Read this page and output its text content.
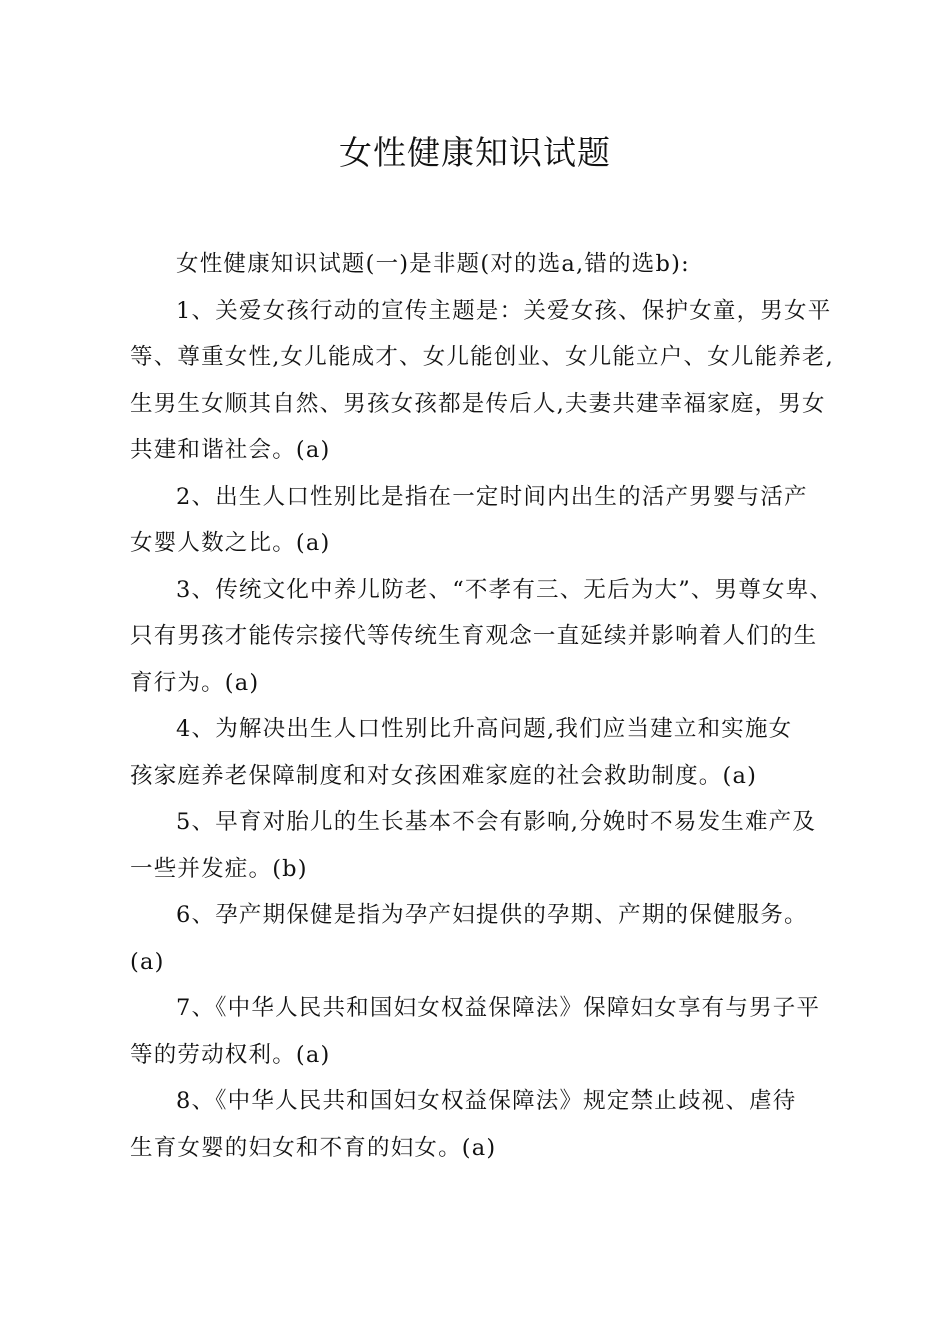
女性健康知识试题
女性健康知识试题(一)是非题(对的选a,错的选b):
1、关爱女孩行动的宣传主题是：关爱女孩、保护女童，男女平
等、尊重女性,女儿能成才、女儿能创业、女儿能立户、女儿能养老,
生男生女顺其自然、男孩女孩都是传后人,夫妻共建幸福家庭，男女
共建和谐社会。(a)
2、出生人口性别比是指在一定时间内出生的活产男婴与活产
女婴人数之比。(a)
3、传统文化中养儿防老、“不孝有三、无后为大”、男尊女卑、
只有男孩才能传宗接代等传统生育观念一直延续并影响着人们的生
育行为。(a)
4、为解决出生人口性别比升高问题,我们应当建立和实施女
孩家庭养老保障制度和对女孩困难家庭的社会救助制度。(a)
5、早育对胎儿的生长基本不会有影响,分娩时不易发生难产及
一些并发症。(b)
6、孕产期保健是指为孕产妇提供的孕期、产期的保健服务。
(a)
7、《中华人民共和国妇女权益保障法》保障妇女享有与男子平
等的劳动权利。(a)
8、《中华人民共和国妇女权益保障法》规定禁止歧视、虐待
生育女婴的妇女和不育的妇女。(a)
